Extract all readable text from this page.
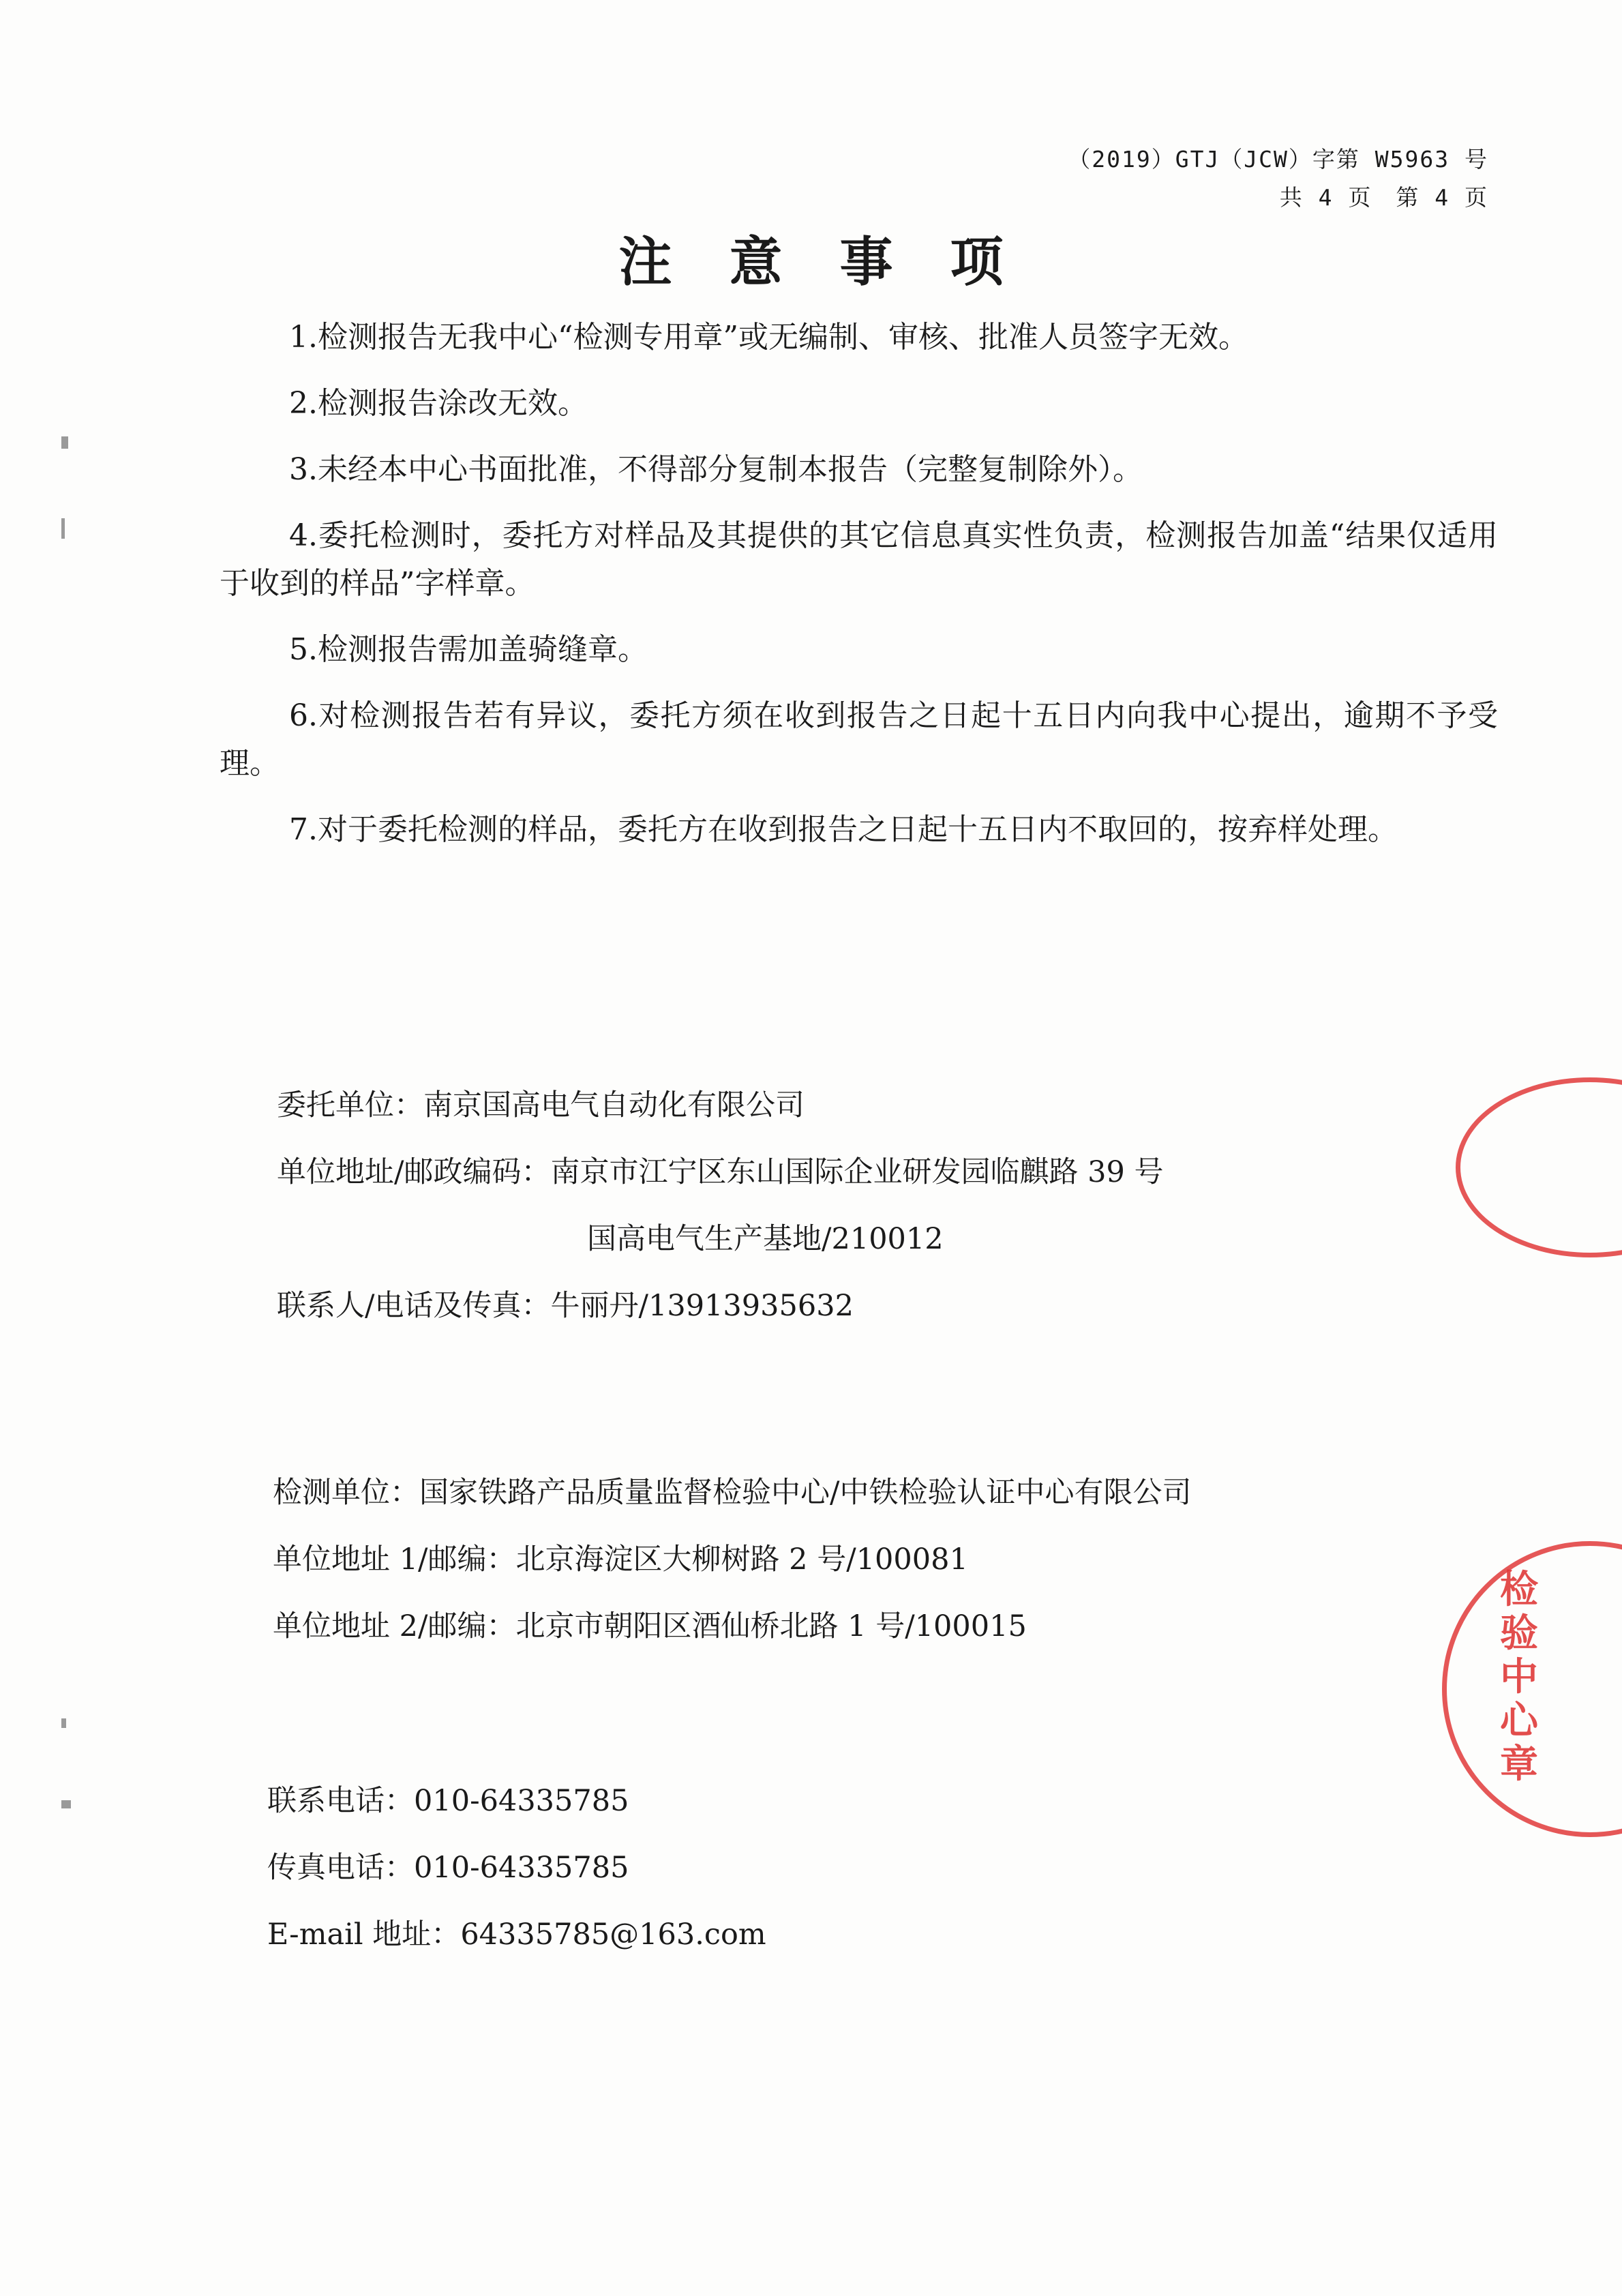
（2019）GTJ（JCW）字第 W5963 号
共 4 页　第 4 页
注意事项

1.检测报告无我中心“检测专用章”或无编制、审核、批准人员签字无效。

2.检测报告涂改无效。

3.未经本中心书面批准，不得部分复制本报告（完整复制除外）。

4.委托检测时，委托方对样品及其提供的其它信息真实性负责，检测报告加盖“结果仅适用于收到的样品”字样章。

5.检测报告需加盖骑缝章。

6.对检测报告若有异议，委托方须在收到报告之日起十五日内向我中心提出，逾期不予受理。

7.对于委托检测的样品，委托方在收到报告之日起十五日内不取回的，按弃样处理。

委托单位：南京国高电气自动化有限公司
单位地址/邮政编码：南京市江宁区东山国际企业研发园临麒路 39 号
国高电气生产基地/210012
联系人/电话及传真：牛丽丹/13913935632
检测单位：国家铁路产品质量监督检验中心/中铁检验认证中心有限公司
单位地址 1/邮编：北京海淀区大柳树路 2 号/100081
单位地址 2/邮编：北京市朝阳区酒仙桥北路 1 号/100015
联系电话：010-64335785
传真电话：010-64335785
E-mail 地址：64335785@163.com
检验中心章
